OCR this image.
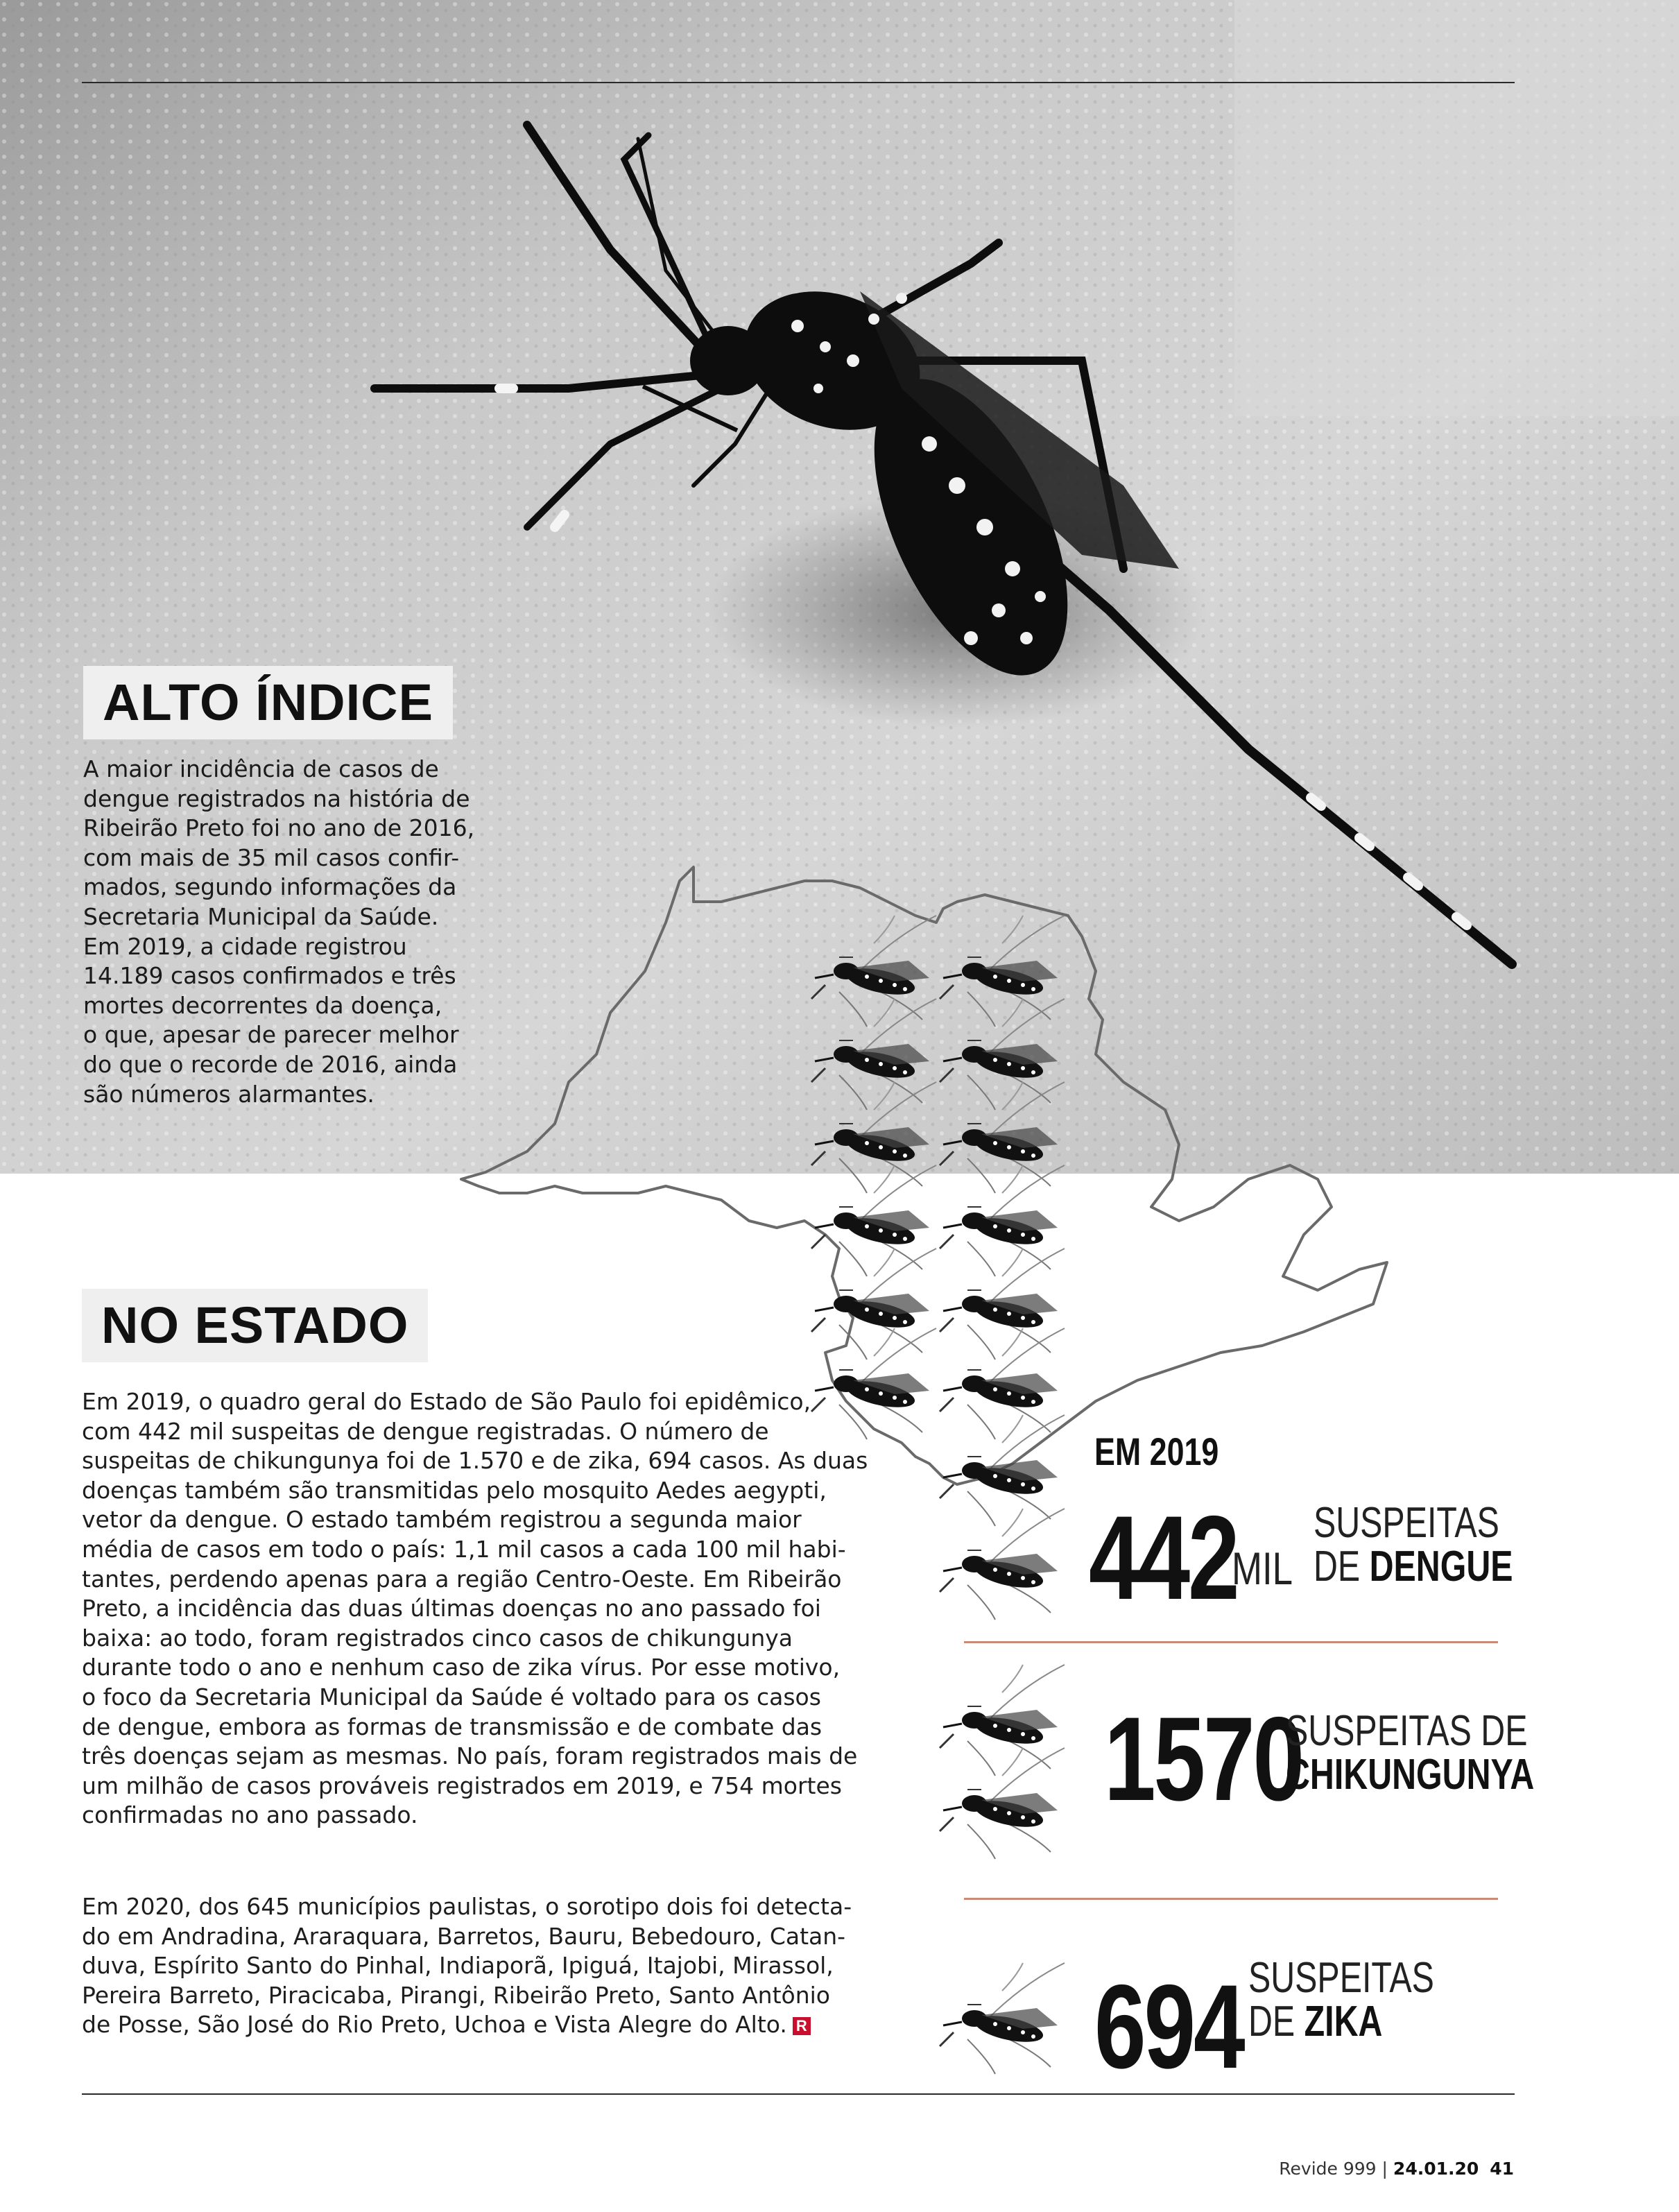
ALTO ÍNDICE
A maior incidência de casos de
dengue registrados na história de
Ribeirão Preto foi no ano de 2016,
com mais de 35 mil casos confir-
mados, segundo informações da
Secretaria Municipal da Saúde.
Em 2019, a cidade registrou
14.189 casos confirmados e três
mortes decorrentes da doença,
o que, apesar de parecer melhor
do que o recorde de 2016, ainda
são números alarmantes.
NO ESTADO
Em 2019, o quadro geral do Estado de São Paulo foi epidêmico,
com 442 mil suspeitas de dengue registradas. O número de
suspeitas de chikungunya foi de 1.570 e de zika, 694 casos. As duas
doenças também são transmitidas pelo mosquito Aedes aegypti,
vetor da dengue. O estado também registrou a segunda maior
média de casos em todo o país: 1,1 mil casos a cada 100 mil habi-
tantes, perdendo apenas para a região Centro-Oeste. Em Ribeirão
Preto, a incidência das duas últimas doenças no ano passado foi
baixa: ao todo, foram registrados cinco casos de chikungunya
durante todo o ano e nenhum caso de zika vírus. Por esse motivo,
o foco da Secretaria Municipal da Saúde é voltado para os casos
de dengue, embora as formas de transmissão e de combate das
três doenças sejam as mesmas. No país, foram registrados mais de
um milhão de casos prováveis registrados em 2019, e 754 mortes
confirmadas no ano passado.
Em 2020, dos 645 municípios paulistas, o sorotipo dois foi detecta-
do em Andradina, Araraquara, Barretos, Bauru, Bebedouro, Catan-
duva, Espírito Santo do Pinhal, Indiaporã, Ipiguá, Itajobi, Mirassol,
Pereira Barreto, Piracicaba, Pirangi, Ribeirão Preto, Santo Antônio
de Posse, São José do Rio Preto, Uchoa e Vista Alegre do Alto. R
EM 2019
442
MIL
SUSPEITAS
DE DENGUE
1570
SUSPEITAS DE
CHIKUNGUNYA
694 SUSPEITAS
DE ZIKA
Revide 999 | 24.01.20 41
